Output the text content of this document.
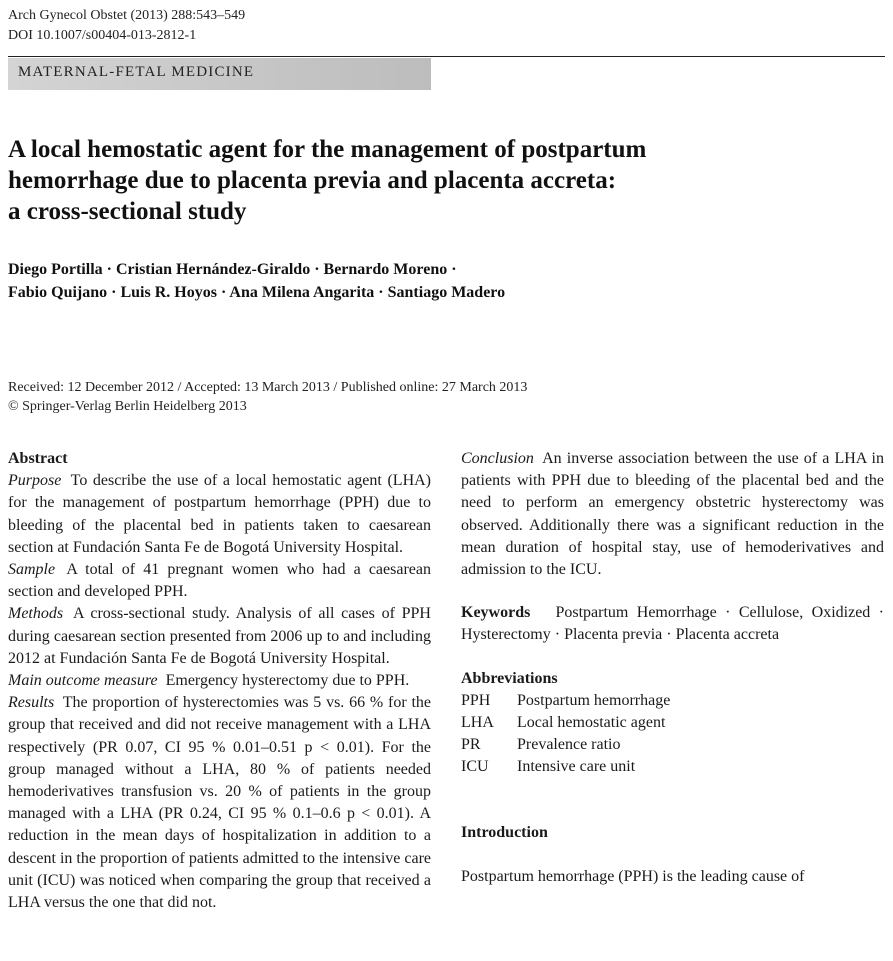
Arch Gynecol Obstet (2013) 288:543–549
DOI 10.1007/s00404-013-2812-1
MATERNAL-FETAL MEDICINE
A local hemostatic agent for the management of postpartum
hemorrhage due to placenta previa and placenta accreta:
a cross-sectional study
Diego Portilla · Cristian Hernández-Giraldo · Bernardo Moreno ·
Fabio Quijano · Luis R. Hoyos · Ana Milena Angarita · Santiago Madero
Received: 12 December 2012 / Accepted: 13 March 2013 / Published online: 27 March 2013
© Springer-Verlag Berlin Heidelberg 2013

Abstract

Purpose To describe the use of a local hemostatic agent (LHA) for the management of postpartum hemorrhage (PPH) due to bleeding of the placental bed in patients taken to caesarean section at Fundación Santa Fe de Bogotá University Hospital.

Sample A total of 41 pregnant women who had a caesarean section and developed PPH.

Methods A cross-sectional study. Analysis of all cases of PPH during caesarean section presented from 2006 up to and including 2012 at Fundación Santa Fe de Bogotá University Hospital.

Main outcome measure Emergency hysterectomy due to PPH.

Results The proportion of hysterectomies was 5 vs. 66 % for the group that received and did not receive management with a LHA respectively (PR 0.07, CI 95 % 0.01–0.51 p < 0.01). For the group managed without a LHA, 80 % of patients needed hemoderivatives transfusion vs. 20 % of patients in the group managed with a LHA (PR 0.24, CI 95 % 0.1–0.6 p < 0.01). A reduction in the mean days of hospitalization in addition to a descent in the proportion of patients admitted to the intensive care unit (ICU) was noticed when comparing the group that received a LHA versus the one that did not.

Conclusion An inverse association between the use of a LHA in patients with PPH due to bleeding of the placental bed and the need to perform an emergency obstetric hysterectomy was observed. Additionally there was a significant reduction in the mean duration of hospital stay, use of hemoderivatives and admission to the ICU.

Keywords Postpartum Hemorrhage · Cellulose, Oxidized · Hysterectomy · Placenta previa · Placenta accreta

Abbreviations

PPH	Postpartum hemorrhage
LHA	Local hemostatic agent
PR	Prevalence ratio
ICU	Intensive care unit

Introduction

Postpartum hemorrhage (PPH) is the leading cause of
